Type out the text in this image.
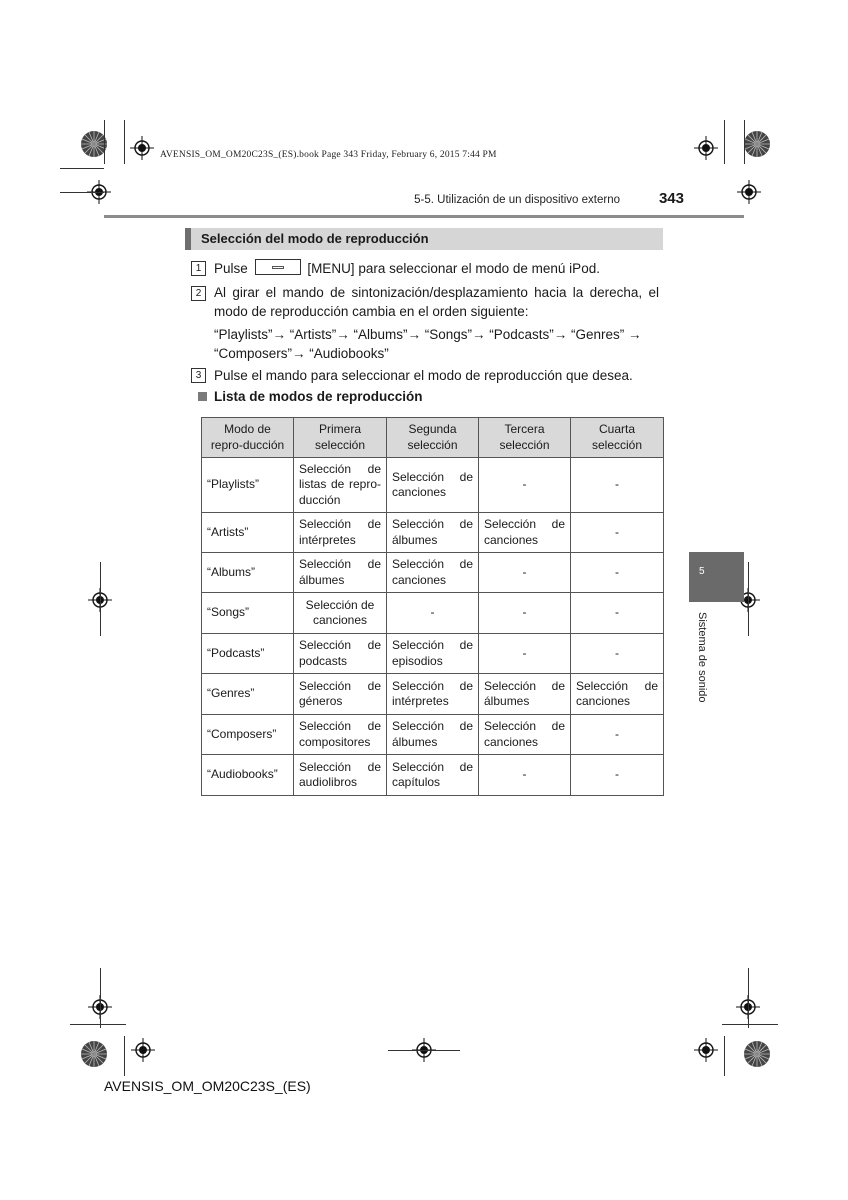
AVENSIS_OM_OM20C23S_(ES).book Page 343 Friday, February 6, 2015 7:44 PM
5-5. Utilización de un dispositivo externo	343
Selección del modo de reproducción
1 Pulse	[MENU] para seleccionar el modo de menú iPod.
2 Al girar el mando de sintonización/desplazamiento hacia la derecha, el modo de reproducción cambia en el orden siguiente:
“Playlists”→ “Artists”→ “Albums”→ “Songs”→ “Podcasts”→ “Genres” →
“Composers”→ “Audiobooks”
3 Pulse el mando para seleccionar el modo de reproducción que desea.
Lista de modos de reproducción
Modo de repro-ducción	Primera selección	Segunda selección	Tercera selección	Cuarta selección
“Playlists”	Selección de listas de repro-ducción	Selección de canciones	-	-
“Artists”	Selección de intérpretes	Selección de álbumes	Selección de canciones	-
“Albums”	Selección de álbumes	Selección de canciones	-	-
“Songs”	Selección de canciones	-	-	-
“Podcasts”	Selección de podcasts	Selección de episodios	-	-
“Genres”	Selección de géneros	Selección de intérpretes	Selección de álbumes	Selección de canciones
“Composers”	Selección de compositores	Selección de álbumes	Selección de canciones	-
“Audiobooks”	Selección de audiolibros	Selección de capítulos	-	-
5
Sistema de sonido
AVENSIS_OM_OM20C23S_(ES)
